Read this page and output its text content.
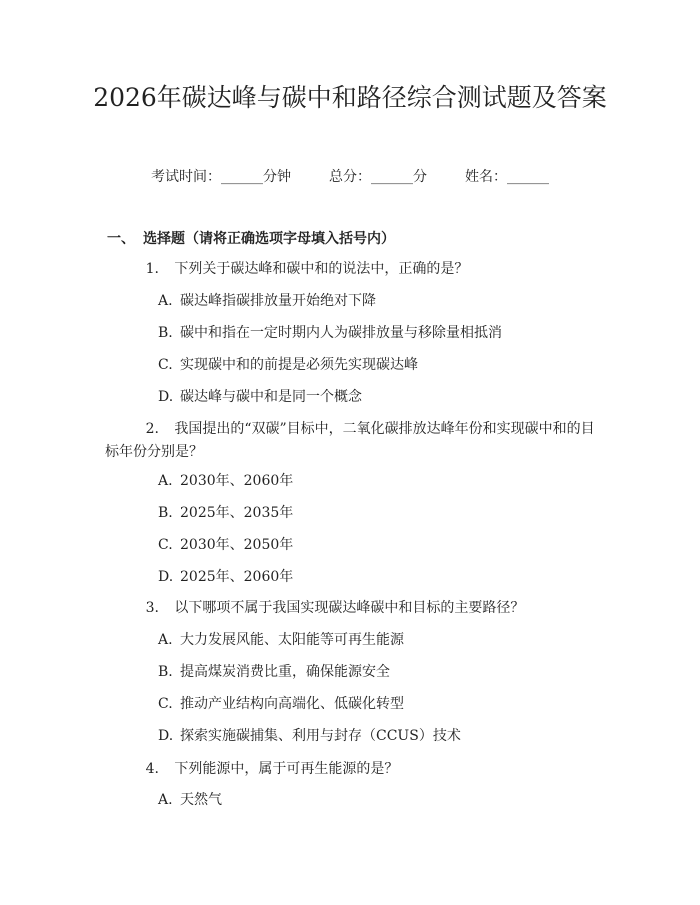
2026年碳达峰与碳中和路径综合测试题及答案
考试时间：______分钟	总分：______分	姓名：______
一、 选择题（请将正确选项字母填入括号内）
1. 下列关于碳达峰和碳中和的说法中，正确的是？
A. 碳达峰指碳排放量开始绝对下降
B. 碳中和指在一定时期内人为碳排放量与移除量相抵消
C. 实现碳中和的前提是必须先实现碳达峰
D. 碳达峰与碳中和是同一个概念
2. 我国提出的“双碳”目标中，二氧化碳排放达峰年份和实现碳中和的目标年份分别是？
A. 2030年、2060年
B. 2025年、2035年
C. 2030年、2050年
D. 2025年、2060年
3. 以下哪项不属于我国实现碳达峰碳中和目标的主要路径？
A. 大力发展风能、太阳能等可再生能源
B. 提高煤炭消费比重，确保能源安全
C. 推动产业结构向高端化、低碳化转型
D. 探索实施碳捕集、利用与封存（CCUS）技术
4. 下列能源中，属于可再生能源的是？
A. 天然气
